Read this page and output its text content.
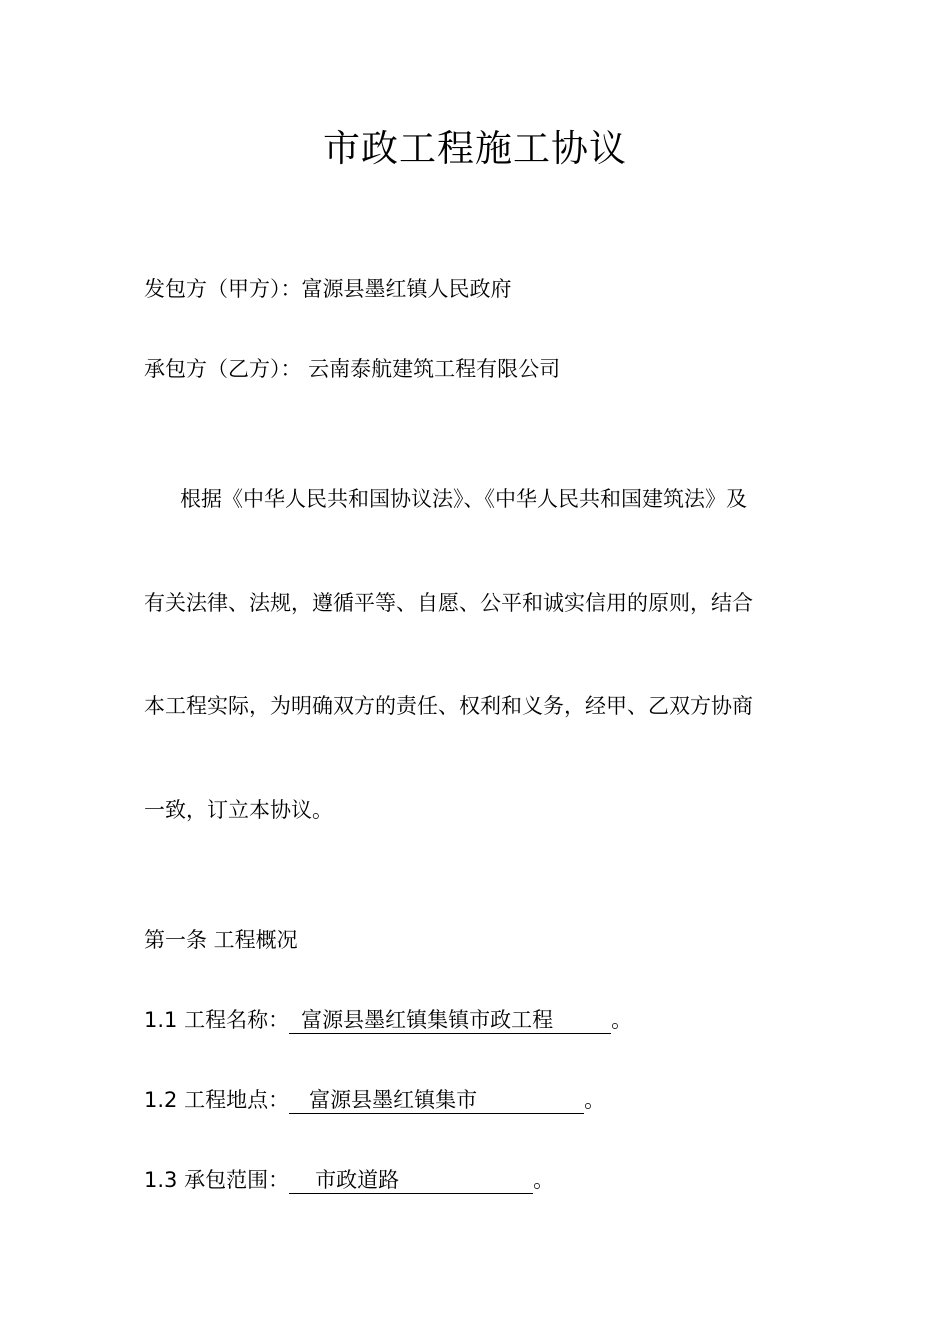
市政工程施工协议
发包方（甲方）：富源县墨红镇人民政府
承包方（乙方）： 云南泰航建筑工程有限公司
根据《中华人民共和国协议法》、《中华人民共和国建筑法》及
有关法律、法规，遵循平等、自愿、公平和诚实信用的原则，结合
本工程实际，为明确双方的责任、权利和义务，经甲、乙双方协商
一致，订立本协议。
第一条 工程概况
1.1 工程名称： 富源县墨红镇集镇市政工程	。
1.2 工程地点： 富源县墨红镇集市	。
1.3 承包范围： 市政道路	。
